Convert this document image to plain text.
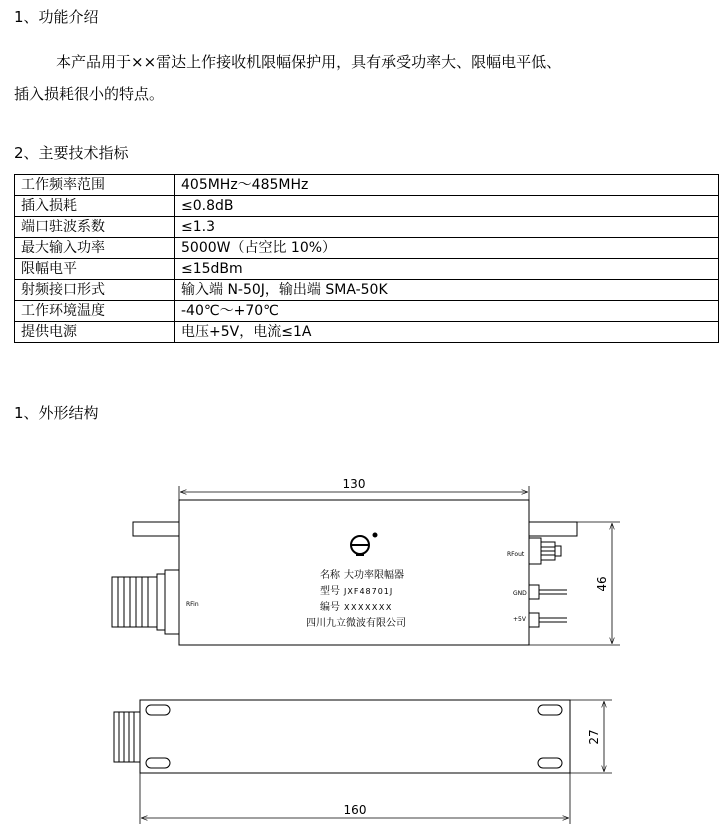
1、功能介绍
本产品用于××雷达上作接收机限幅保护用，具有承受功率大、限幅电平低、
插入损耗很小的特点。
2、主要技术指标
工作频率范围	405MHz～485MHz
插入损耗	≤0.8dB
端口驻波系数	≤1.3
最大输入功率	5000W（占空比 10%）
限幅电平	≤15dBm
射频接口形式	输入端 N-50J，输出端 SMA-50K
工作环境温度	-40℃～+70℃
提供电源	电压+5V，电流≤1A
1、外形结构
名称 大功率限幅器
型号 JXF48701J
编号 XXXXXXX
四川九立微波有限公司
RFin
RFout
GND
+5V
130
46
27
160
